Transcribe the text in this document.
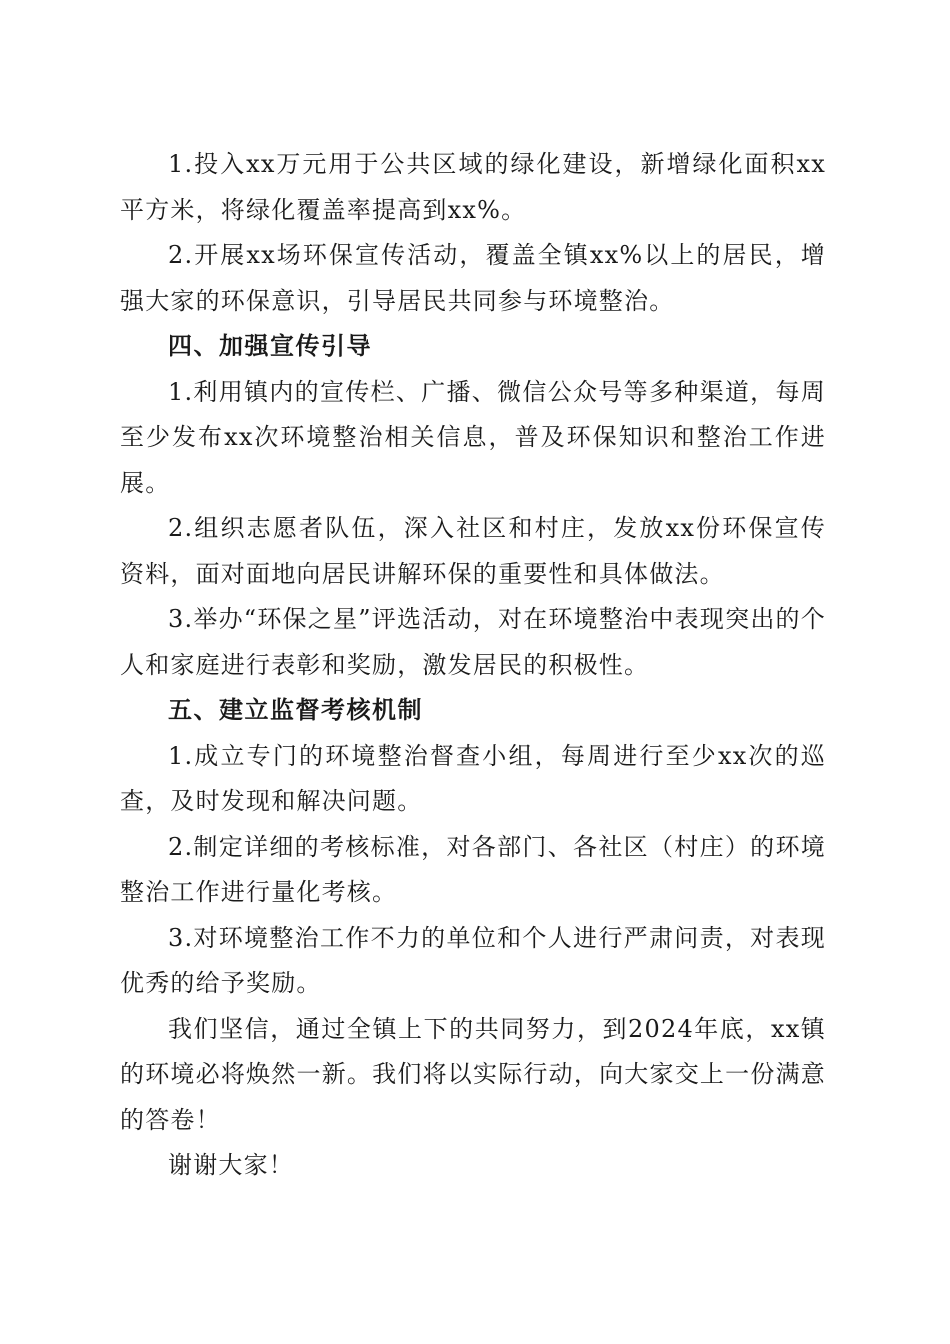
1.投入xx万元用于公共区域的绿化建设，新增绿化面积xx平方米，将绿化覆盖率提高到xx%。

2.开展xx场环保宣传活动，覆盖全镇xx%以上的居民，增强大家的环保意识，引导居民共同参与环境整治。

四、加强宣传引导

1.利用镇内的宣传栏、广播、微信公众号等多种渠道，每周至少发布xx次环境整治相关信息，普及环保知识和整治工作进展。

2.组织志愿者队伍，深入社区和村庄，发放xx份环保宣传资料，面对面地向居民讲解环保的重要性和具体做法。

3.举办“环保之星”评选活动，对在环境整治中表现突出的个人和家庭进行表彰和奖励，激发居民的积极性。

五、建立监督考核机制

1.成立专门的环境整治督查小组，每周进行至少xx次的巡查，及时发现和解决问题。

2.制定详细的考核标准，对各部门、各社区（村庄）的环境整治工作进行量化考核。

3.对环境整治工作不力的单位和个人进行严肃问责，对表现优秀的给予奖励。

我们坚信，通过全镇上下的共同努力，到2024年底，xx镇的环境必将焕然一新。我们将以实际行动，向大家交上一份满意的答卷！

谢谢大家！
